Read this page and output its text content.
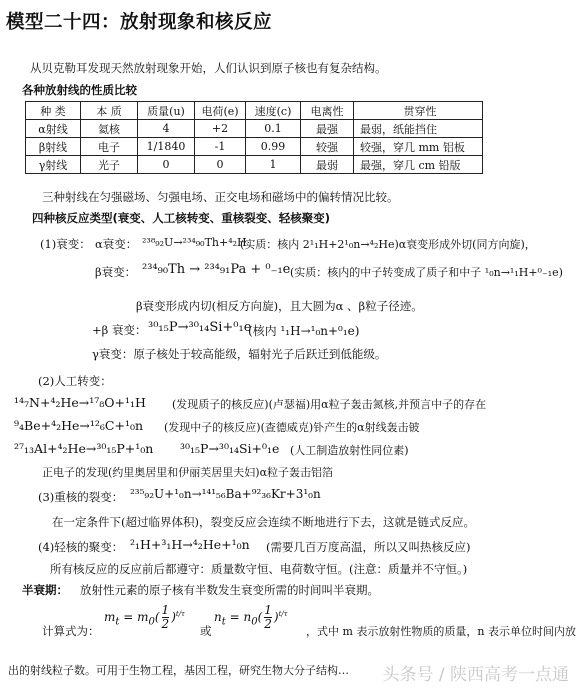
模型二十四：放射现象和核反应
从贝克勒耳发现天然放射现象开始，人们认识到原子核也有复杂结构。
各种放射线的性质比较
种 类	本 质	质量(u)	电荷(e)	速度(c)	电离性	贯穿性
α射线	氦核	4	+2	0.1	最强	最弱，纸能挡住
β射线	电子	1/1840	-1	0.99	较强	较强，穿几 mm 铝板
γ射线	光子	0	0	1	最弱	最强，穿几 cm 铅版
三种射线在匀强磁场、匀强电场、正交电场和磁场中的偏转情况比较。
四种核反应类型(衰变、人工核转变、重核裂变、轻核聚变)
(1)衰变： α衰变： ²³⁸₉₂U→²³⁴₉₀Th+⁴₂H
(实质：核内 2¹₁H+2¹₀n→⁴₂He)α衰变形成外切(同方向旋)，
β衰变： ²³⁴₉₀Th → ²³⁴₉₁Pa + ⁰₋₁e (实质：核内的中子转变成了质子和中子 ¹₀n→¹₁H+⁰₋₁e)
β衰变形成内切(相反方向旋)，且大圆为α 、β粒子径迹。
+β 衰变： ³⁰₁₅P→³⁰₁₄Si+⁰₁e
(核内 ¹₁H→¹₀n+⁰₁e)
γ衰变：原子核处于较高能级，辐射光子后跃迁到低能级。
(2)人工转变：
¹⁴₇N+⁴₂He→¹⁷₈O+¹₁H (发现质子的核反应)(卢瑟福)用α粒子轰击氮核,并预言中子的存在
⁹₄Be+⁴₂He→¹²₆C+¹₀n (发现中子的核反应)(查德威克)钋产生的α射线轰击铍
²⁷₁₃Al+⁴₂He→³⁰₁₅P+¹₀n ³⁰₁₅P→³⁰₁₄Si+⁰₁e (人工制造放射性同位素)
正电子的发现(约里奥居里和伊丽芙居里夫妇)α粒子轰击铝箔
(3)重核的裂变： ²³⁵₉₂U+¹₀n→¹⁴¹₅₆Ba+⁹²₃₆Kr+3¹₀n
在一定条件下(超过临界体积)，裂变反应会连续不断地进行下去，这就是链式反应。
(4)轻核的聚变： ²₁H+³₁H→⁴₂He+¹₀n (需要几百万度高温，所以又叫热核反应)
所有核反应的反应前后都遵守：质量数守恒、电荷数守恒。(注意：质量并不守恒。)
半衰期： 放射性元素的原子核有半数发生衰变所需的时间叫半衰期。
计算式为：
$m_t = m_0( \frac{1}{2} )^{t/\tau}$
或
$n_t = n_0( \frac{1}{2} )^{t/\tau}$
，式中 m 表示放射性物质的质量，n 表示单位时间内放
出的射线粒子数。可用于生物工程，基因工程，研究生物大分子结构… 头条号 / 陕西高考一点通
